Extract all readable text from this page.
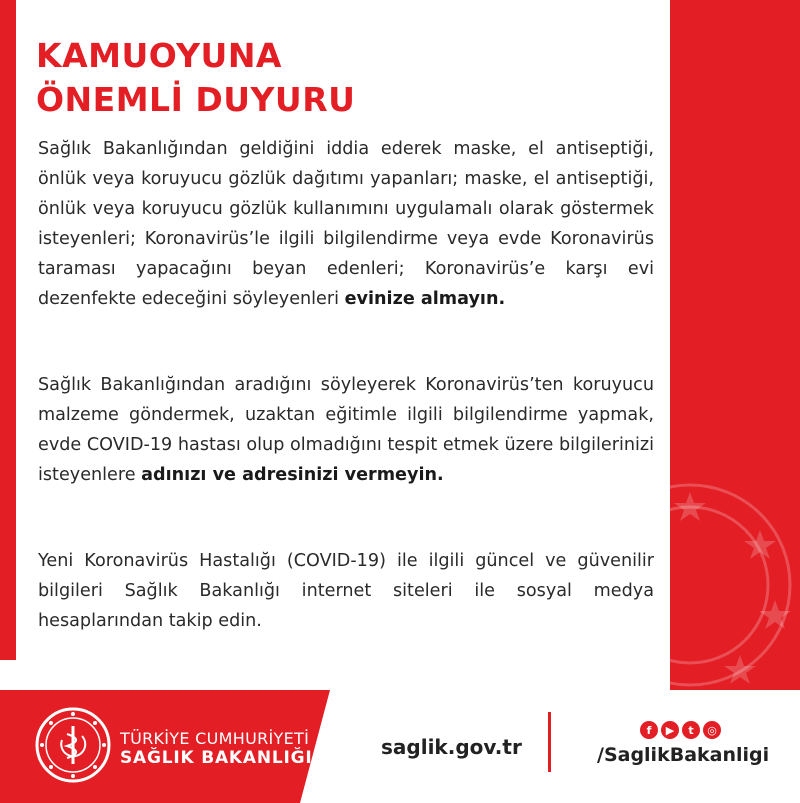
KAMUOYUNA
ÖNEMLİ DUYURU
Sağlık Bakanlığından geldiğini iddia ederek maske, el antiseptiği, önlük veya koruyucu gözlük dağıtımı yapanları; maske, el antiseptiği, önlük veya koruyucu gözlük kullanımını uygulamalı olarak göstermek isteyenleri; Koronavirüs’le ilgili bilgilendirme veya evde Koronavirüs taraması yapacağını beyan edenleri; Koronavirüs’e karşı evi dezenfekte edeceğini söyleyenleri evinize almayın.
Sağlık Bakanlığından aradığını söyleyerek Koronavirüs’ten koruyucu malzeme göndermek, uzaktan eğitimle ilgili bilgilendirme yapmak, evde COVID-19 hastası olup olmadığını tespit etmek üzere bilgilerinizi isteyenlere adınızı ve adresinizi vermeyin.
Yeni Koronavirüs Hastalığı (COVID-19) ile ilgili güncel ve güvenilir bilgileri Sağlık Bakanlığı internet siteleri ile sosyal medya hesaplarından takip edin.
TÜRKİYE CUMHURİYETİ
SAĞLIK BAKANLIĞI	saglik.gov.tr
f	▶	t	◎
/SaglikBakanligi
